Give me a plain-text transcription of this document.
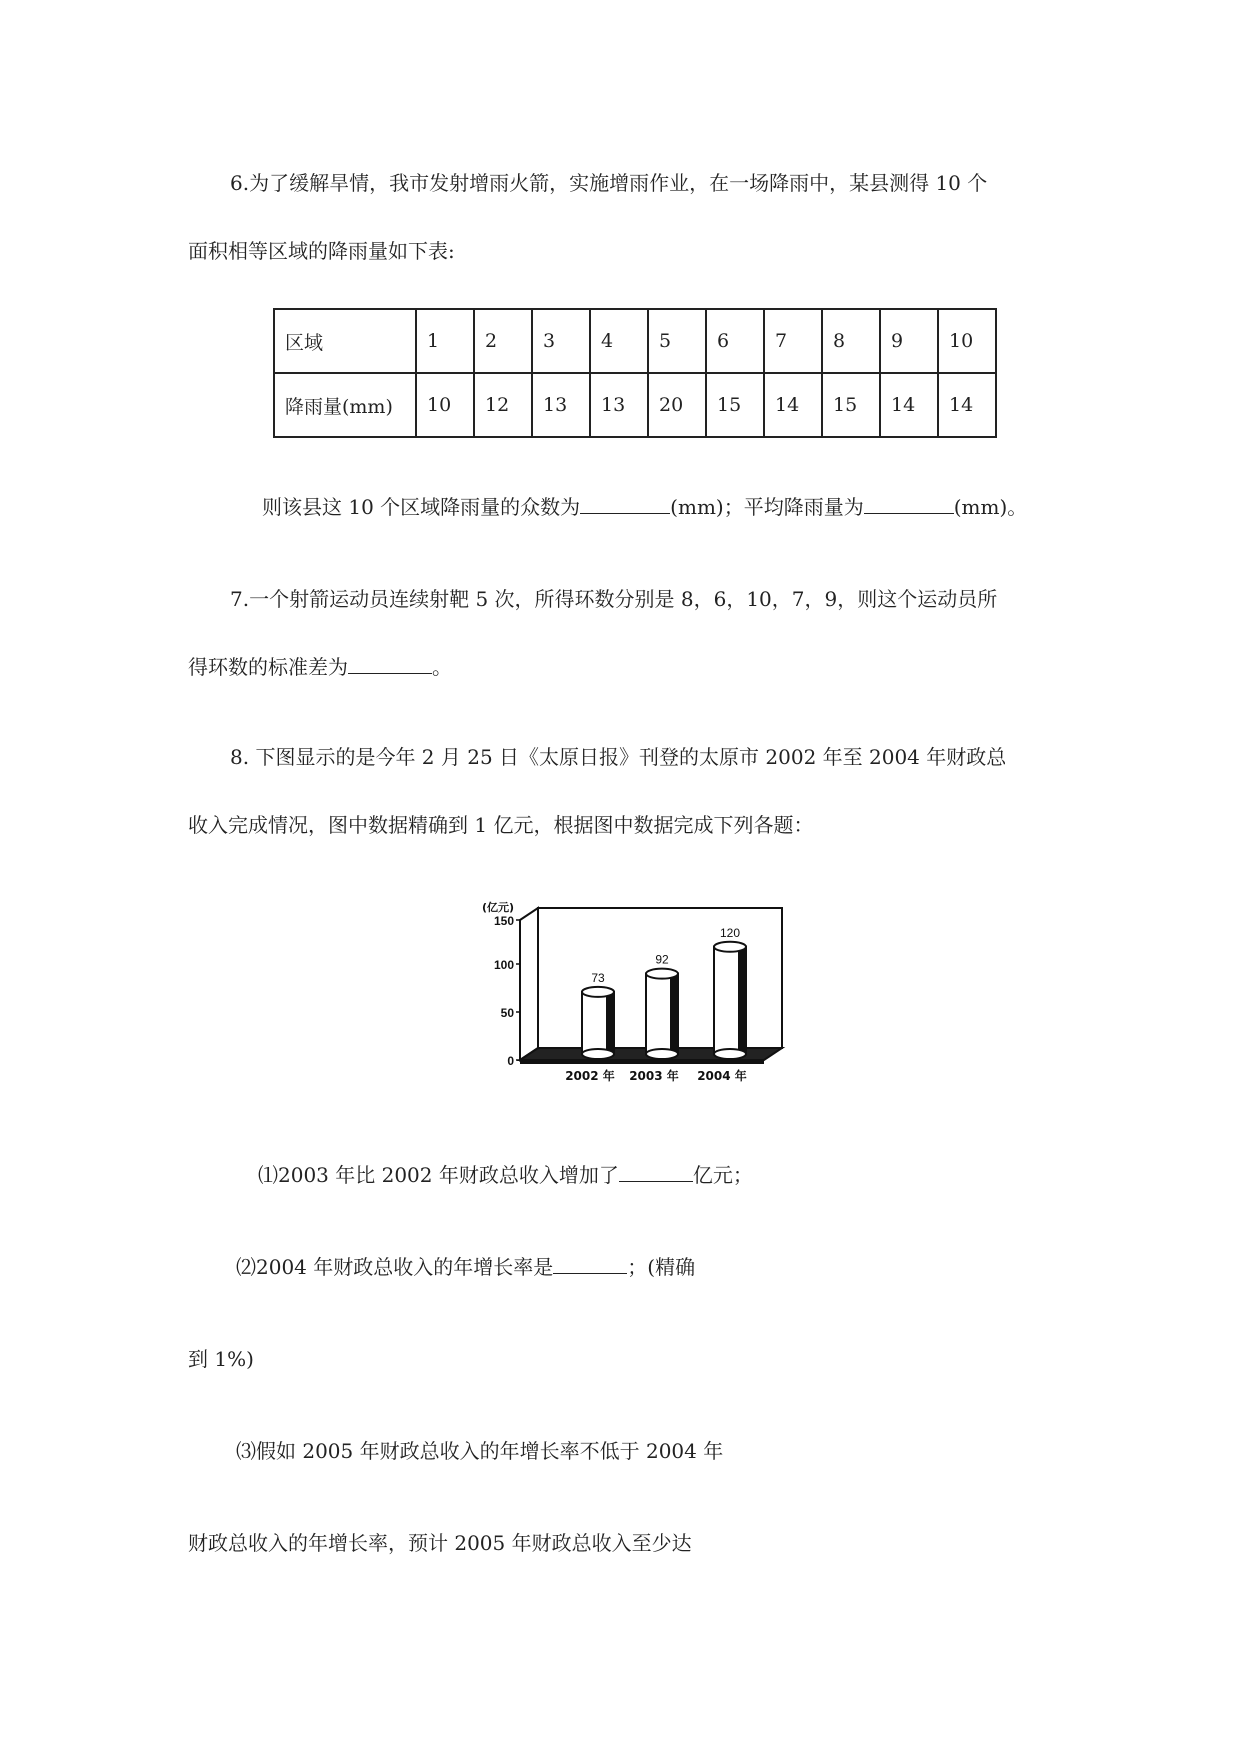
6.为了缓解旱情，我市发射增雨火箭，实施增雨作业，在一场降雨中，某县测得 10 个
面积相等区域的降雨量如下表:
区域	1	2	3	4	5	6	7	8	9	10
降雨量(mm)	10	12	13	13	20	15	14	15	14	14
则该县这 10 个区域降雨量的众数为	(mm)；平均降雨量为	(mm)。
7.一个射箭运动员连续射靶 5 次，所得环数分别是 8，6，10，7，9，则这个运动员所
得环数的标准差为	。
8. 下图显示的是今年 2 月 25 日《太原日报》刊登的太原市 2002 年至 2004 年财政总
收入完成情况，图中数据精确到 1 亿元，根据图中数据完成下列各题：
0
50
100
150
(亿元)
73
2002 年
92
2003 年
120
2004 年
⑴2003 年比 2002 年财政总收入增加了	亿元；
⑵2004 年财政总收入的年增长率是	；(精确
到 1%)
⑶假如 2005 年财政总收入的年增长率不低于 2004 年
财政总收入的年增长率，预计 2005 年财政总收入至少达
